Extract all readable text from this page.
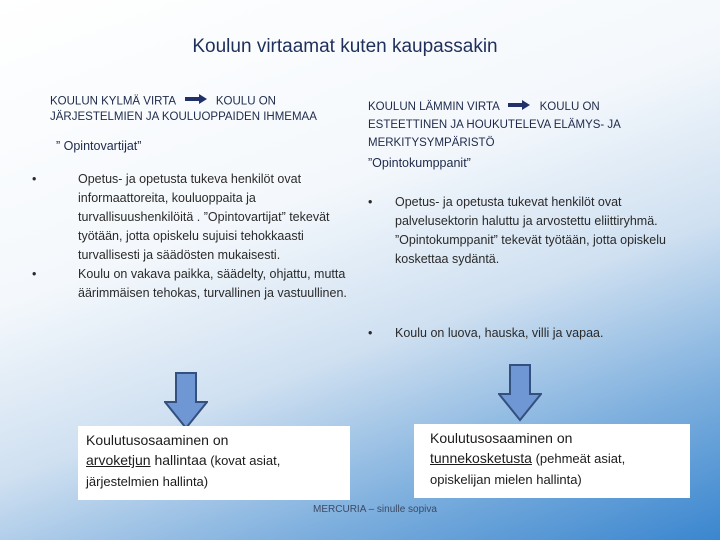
Koulun virtaamat kuten kaupassakin
KOULUN KYLMÄ VIRTA	KOULU ON
JÄRJESTELMIEN JA KOULUOPPAIDEN IHMEMAA
” Opintovartijat”
KOULUN LÄMMIN VIRTA	KOULU ON
ESTEETTINEN JA HOUKUTELEVA ELÄMYS- JA MERKITYSYMPÄRISTÖ
”Opintokumppanit”
•	Opetus- ja opetusta tukeva henkilöt ovat informaattoreita, kouluoppaita ja turvallisuushenkilöitä . ”Opintovartijat” tekevät työtään, jotta opiskelu sujuisi tehokkaasti turvallisesti ja säädösten mukaisesti.
•	Koulu on vakava paikka, säädelty, ohjattu, mutta äärimmäisen tehokas, turvallinen ja vastuullinen.
• Opetus- ja opetusta tukevat henkilöt ovat palvelusektorin haluttu ja arvostettu eliittiryhmä. ”Opintokumppanit” tekevät työtään, jotta opiskelu koskettaa sydäntä.
• Koulu on luova, hauska, villi ja vapaa.
Koulutusosaaminen on
arvoketjun hallintaa (kovat asiat, järjestelmien hallinta)
Koulutusosaaminen on
tunnekosketusta (pehmeät asiat, opiskelijan mielen hallinta)
MERCURIA – sinulle sopiva
